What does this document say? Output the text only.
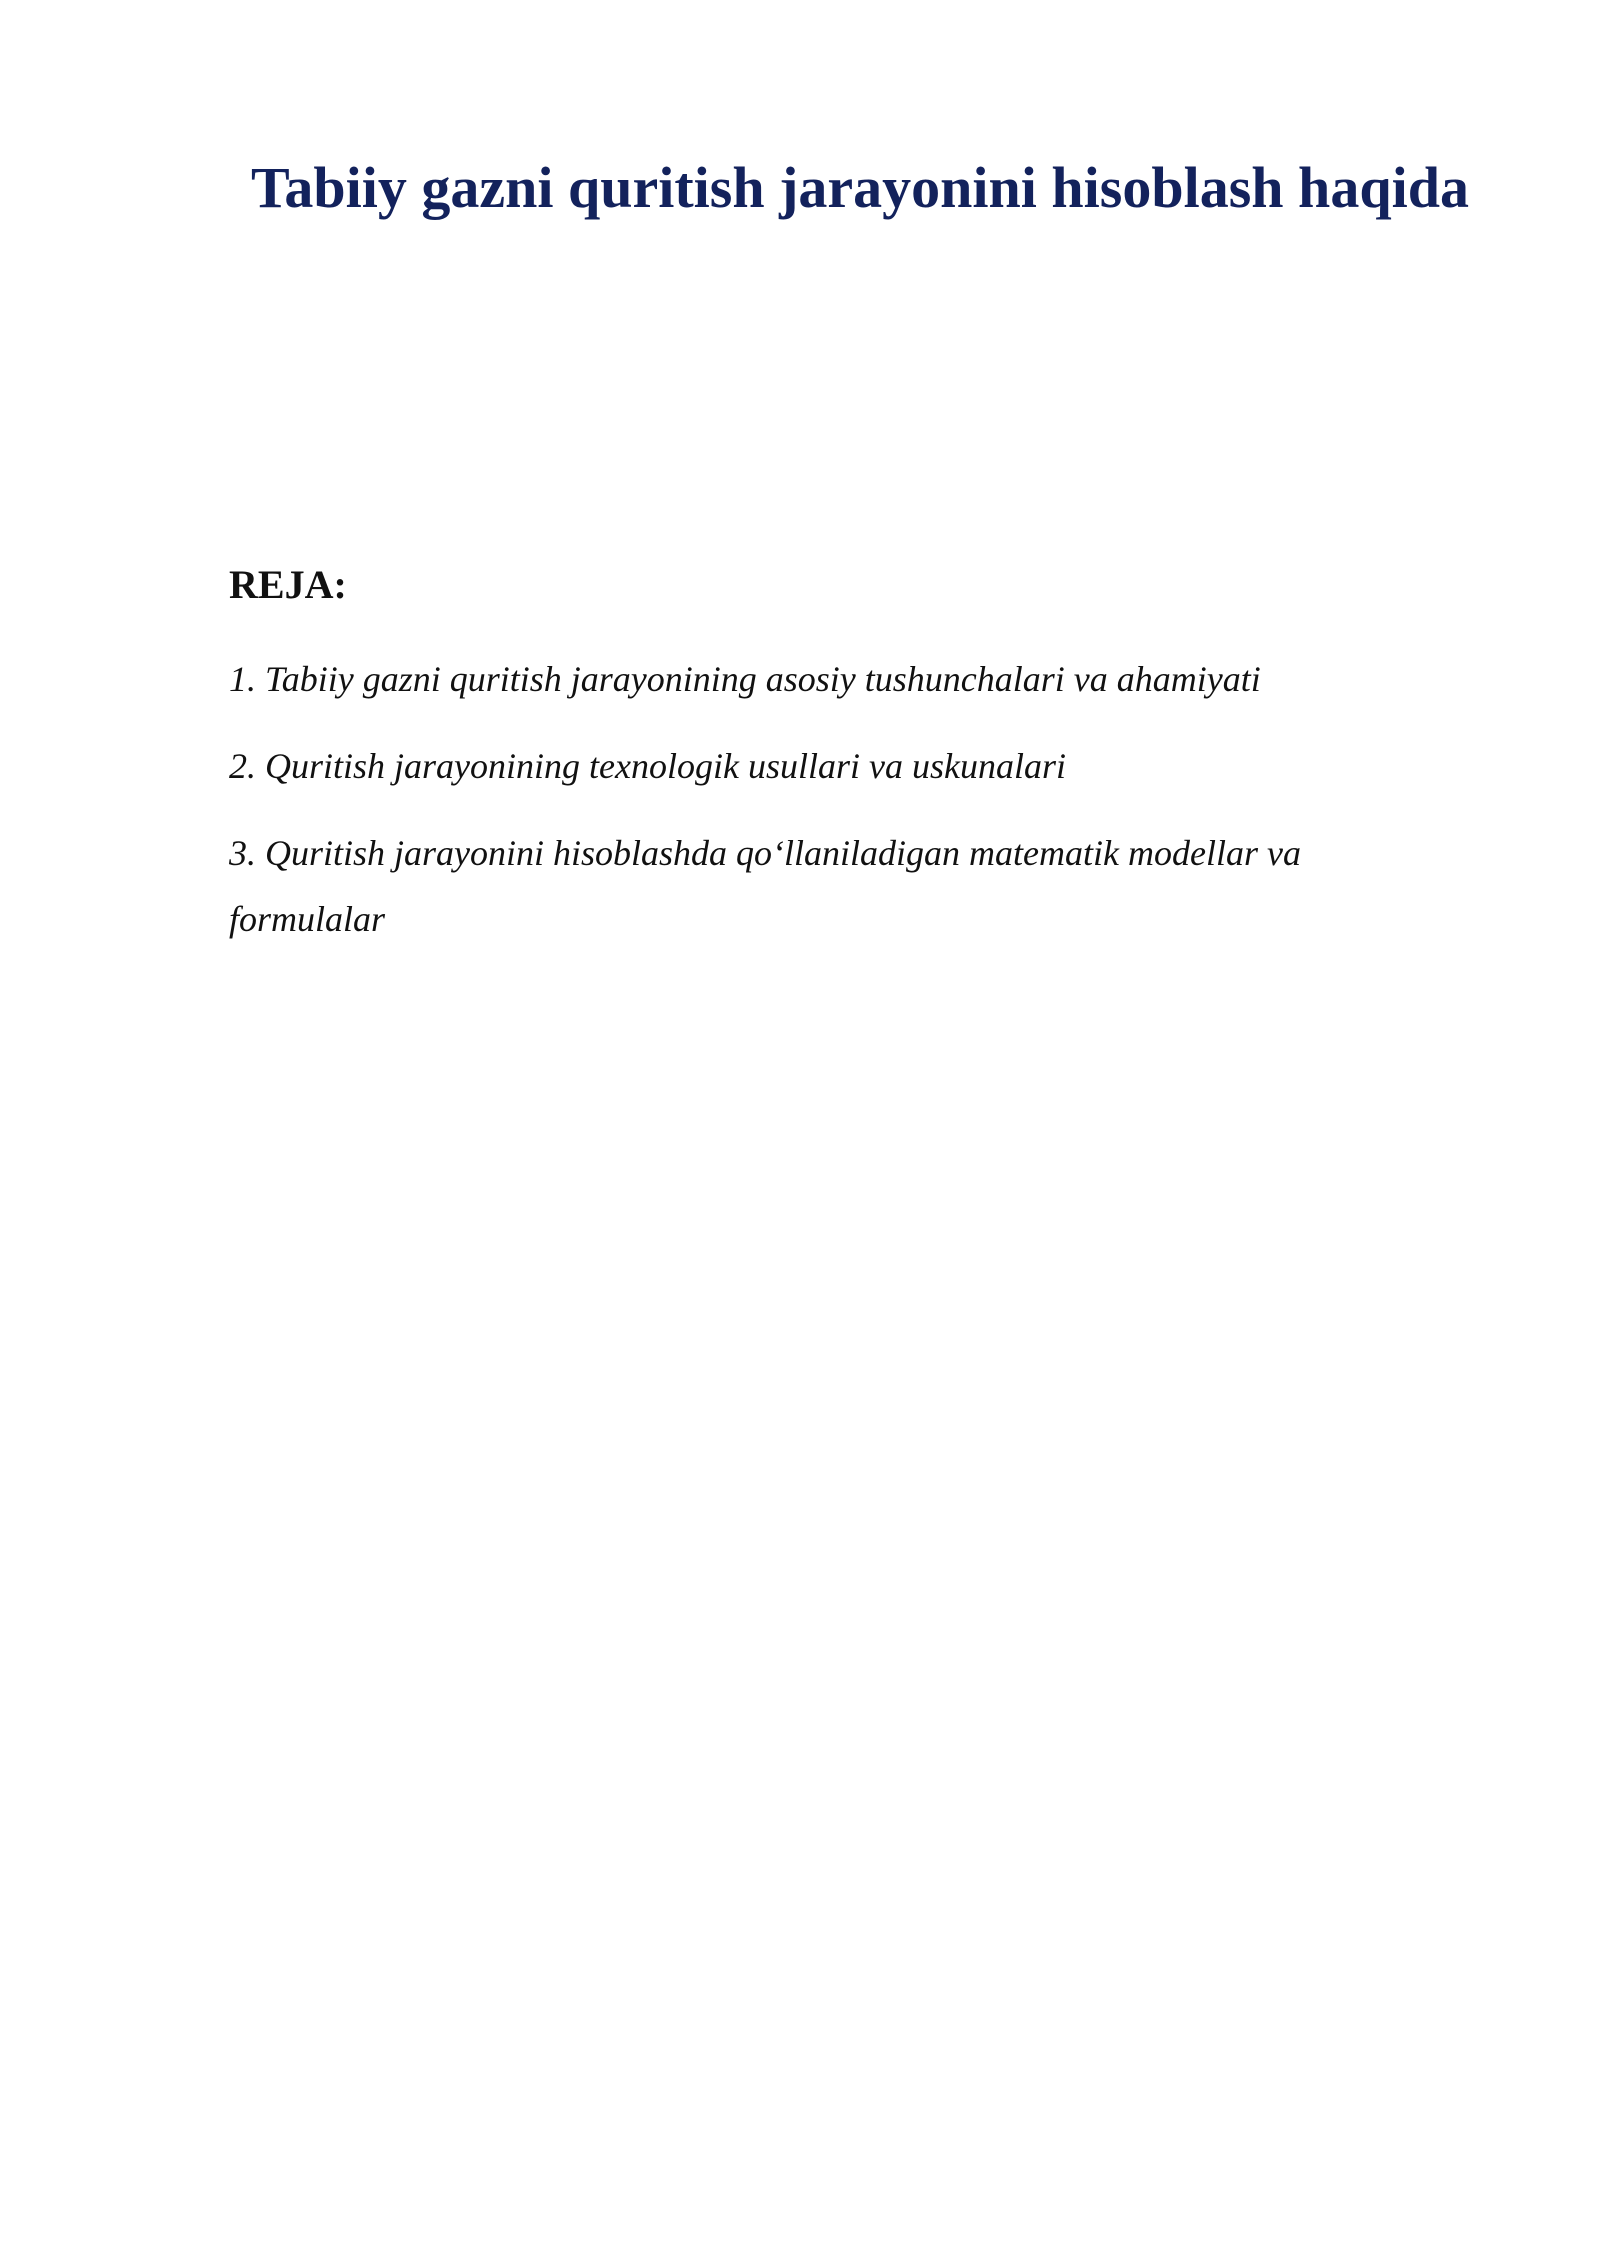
Tabiiy gazni quritish jarayonini hisoblash haqida
REJA:
1. Tabiiy gazni quritish jarayonining asosiy tushunchalari va ahamiyati
2. Quritish jarayonining texnologik usullari va uskunalari
3. Quritish jarayonini hisoblashda qo‘llaniladigan matematik modellar va formulalar
